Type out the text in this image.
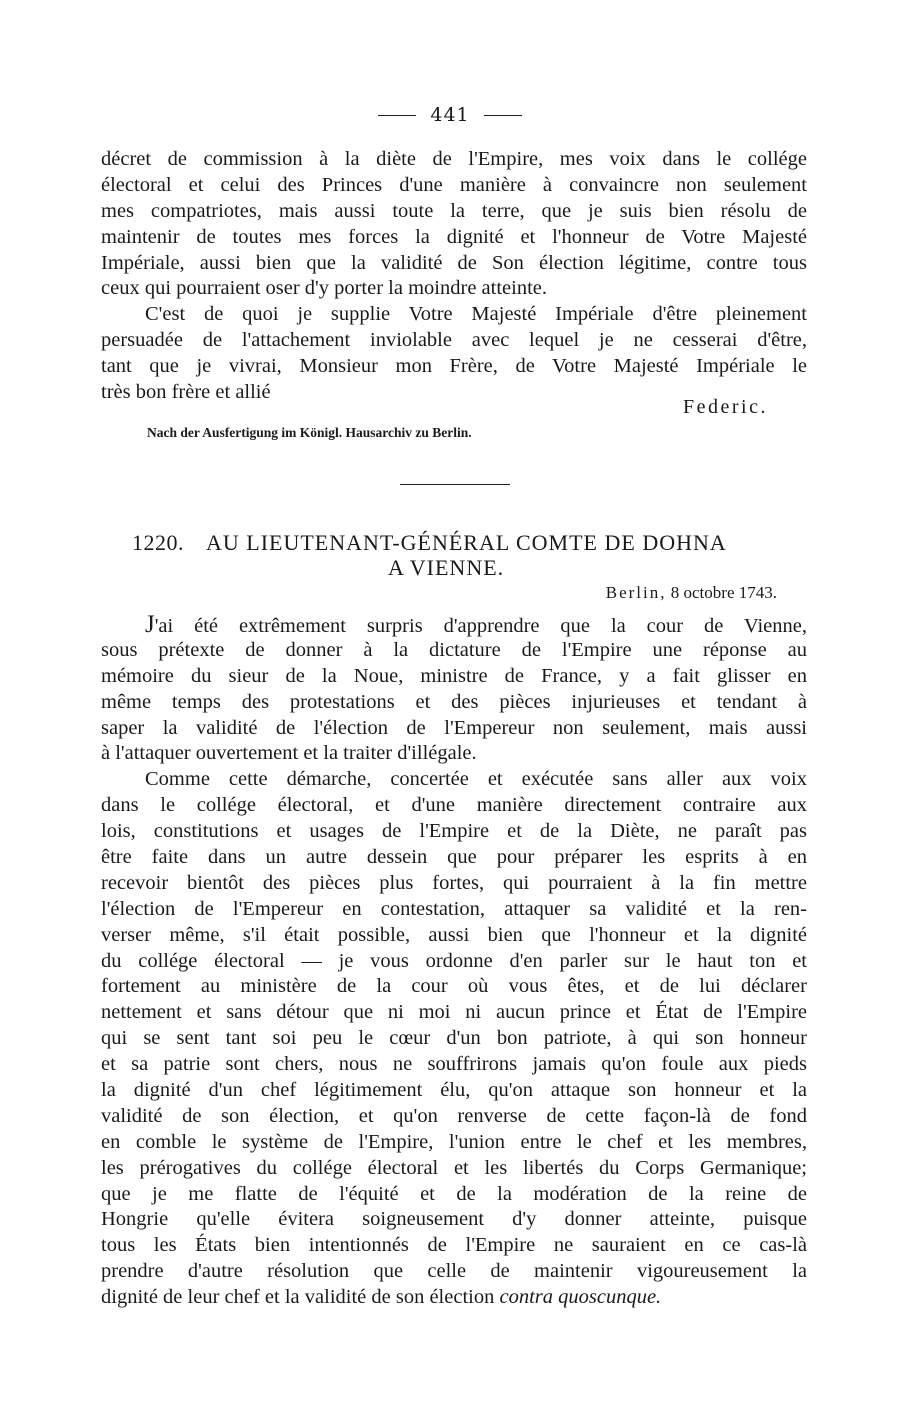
441
décret de commission à la diète de l'Empire, mes voix dans le collége
électoral et celui des Princes d'une manière à convaincre non seulement
mes compatriotes, mais aussi toute la terre, que je suis bien résolu de
maintenir de toutes mes forces la dignité et l'honneur de Votre Majesté
Impériale, aussi bien que la validité de Son élection légitime, contre tous
ceux qui pourraient oser d'y porter la moindre atteinte.
C'est de quoi je supplie Votre Majesté Impériale d'être pleinement
persuadée de l'attachement inviolable avec lequel je ne cesserai d'être,
tant que je vivrai, Monsieur mon Frère, de Votre Majesté Impériale le
très bon frère et allié
Federic.
Nach der Ausfertigung im Königl. Hausarchiv zu Berlin.
1220. AU LIEUTENANT-GÉNÉRAL COMTE DE DOHNA
A VIENNE.
Berlin, 8 octobre 1743.
J'ai été extrêmement surpris d'apprendre que la cour de Vienne,
sous prétexte de donner à la dictature de l'Empire une réponse au
mémoire du sieur de la Noue, ministre de France, y a fait glisser en
même temps des protestations et des pièces injurieuses et tendant à
saper la validité de l'élection de l'Empereur non seulement, mais aussi
à l'attaquer ouvertement et la traiter d'illégale.
Comme cette démarche, concertée et exécutée sans aller aux voix
dans le collége électoral, et d'une manière directement contraire aux
lois, constitutions et usages de l'Empire et de la Diète, ne paraît pas
être faite dans un autre dessein que pour préparer les esprits à en
recevoir bientôt des pièces plus fortes, qui pourraient à la fin mettre
l'élection de l'Empereur en contestation, attaquer sa validité et la ren-
verser même, s'il était possible, aussi bien que l'honneur et la dignité
du collége électoral — je vous ordonne d'en parler sur le haut ton et
fortement au ministère de la cour où vous êtes, et de lui déclarer
nettement et sans détour que ni moi ni aucun prince et État de l'Empire
qui se sent tant soi peu le cœur d'un bon patriote, à qui son honneur
et sa patrie sont chers, nous ne souffrirons jamais qu'on foule aux pieds
la dignité d'un chef légitimement élu, qu'on attaque son honneur et la
validité de son élection, et qu'on renverse de cette façon-là de fond
en comble le système de l'Empire, l'union entre le chef et les membres,
les prérogatives du collége électoral et les libertés du Corps Germanique;
que je me flatte de l'équité et de la modération de la reine de
Hongrie qu'elle évitera soigneusement d'y donner atteinte, puisque
tous les États bien intentionnés de l'Empire ne sauraient en ce cas-là
prendre d'autre résolution que celle de maintenir vigoureusement la
dignité de leur chef et la validité de son élection contra quoscunque.
